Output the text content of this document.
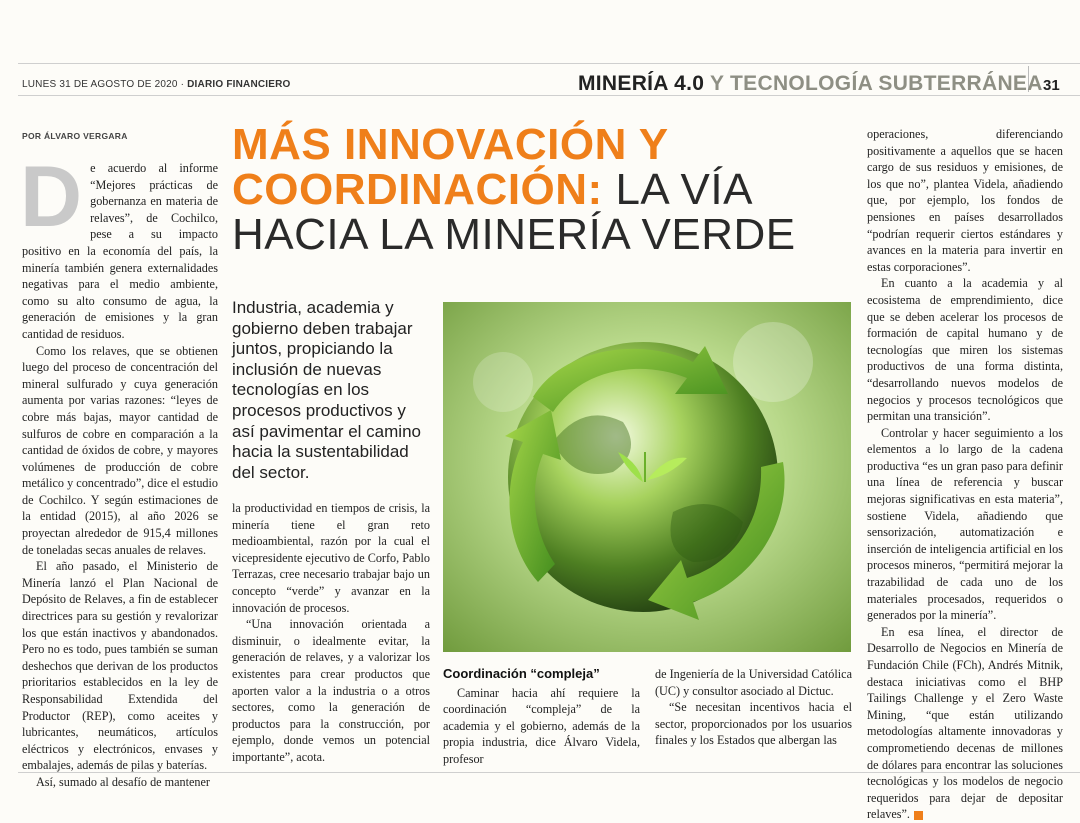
LUNES 31 DE AGOSTO DE 2020 · DIARIO FINANCIERO	MINERÍA 4.0 Y TECNOLOGÍA SUBTERRÁNEA 31
POR ÁLVARO VERGARA
D e acuerdo al informe “Mejores prácticas de gobernanza en materia de relaves”, de Cochilco, pese a su impacto positivo en la economía del país, la minería también genera externalidades negativas para el medio ambiente, como su alto consumo de agua, la generación de emisiones y la gran cantidad de residuos.

Como los relaves, que se obtienen luego del proceso de concentración del mineral sulfurado y cuya generación aumenta por varias razones: “leyes de cobre más bajas, mayor cantidad de sulfuros de cobre en comparación a la cantidad de óxidos de cobre, y mayores volúmenes de producción de cobre metálico y concentrado”, dice el estudio de Cochilco. Y según estimaciones de la entidad (2015), al año 2026 se proyectan alrededor de 915,4 millones de toneladas secas anuales de relaves.

El año pasado, el Ministerio de Minería lanzó el Plan Nacional de Depósito de Relaves, a fin de establecer directrices para su gestión y revalorizar los que están inactivos y abandonados. Pero no es todo, pues también se suman deshechos que derivan de los productos prioritarios establecidos en la ley de Responsabilidad Extendida del Productor (REP), como aceites y lubricantes, neumáticos, artículos eléctricos y electrónicos, envases y embalajes, además de pilas y baterías.

Así, sumado al desafío de mantener

MÁS INNOVACIÓN Y COORDINACIÓN: LA VÍA HACIA LA MINERÍA VERDE
Industria, academia y gobierno deben trabajar juntos, propiciando la inclusión de nuevas tecnologías en los procesos productivos y así pavimentar el camino hacia la sustentabilidad del sector.

la productividad en tiempos de crisis, la minería tiene el gran reto medioambiental, razón por la cual el vicepresidente ejecutivo de Corfo, Pablo Terrazas, cree necesario trabajar bajo un concepto “verde” y avanzar en la innovación de procesos.

“Una innovación orientada a disminuir, o idealmente evitar, la generación de relaves, y a valorizar los existentes para crear productos que aporten valor a la industria o a otros sectores, como la generación de productos para la construcción, por ejemplo, donde vemos un potencial importante”, acota.

Coordinación “compleja”

Caminar hacia ahí requiere la coordinación “compleja” de la academia y el gobierno, además de la propia industria, dice Álvaro Videla, profesor

de Ingeniería de la Universidad Católica (UC) y consultor asociado al Dictuc.

“Se necesitan incentivos hacia el sector, proporcionados por los usuarios finales y los Estados que albergan las

operaciones, diferenciando positivamente a aquellos que se hacen cargo de sus residuos y emisiones, de los que no”, plantea Videla, añadiendo que, por ejemplo, los fondos de pensiones en países desarrollados “podrían requerir ciertos estándares y avances en la materia para invertir en estas corporaciones”.

En cuanto a la academia y al ecosistema de emprendimiento, dice que se deben acelerar los procesos de formación de capital humano y de tecnologías que miren los sistemas productivos de una forma distinta, “desarrollando nuevos modelos de negocios y procesos tecnológicos que permitan una transición”.

Controlar y hacer seguimiento a los elementos a lo largo de la cadena productiva “es un gran paso para definir una línea de referencia y buscar mejoras significativas en esta materia”, sostiene Videla, añadiendo que sensorización, automatización e inserción de inteligencia artificial en los procesos mineros, “permitirá mejorar la trazabilidad de cada uno de los materiales procesados, requeridos o generados por la minería”.

En esa línea, el director de Desarrollo de Negocios en Minería de Fundación Chile (FCh), Andrés Mitnik, destaca iniciativas como el BHP Tailings Challenge y el Zero Waste Mining, “que están utilizando metodologías altamente innovadoras y comprometiendo decenas de millones de dólares para encontrar las soluciones tecnológicas y los modelos de negocio requeridos para dejar de depositar relaves”.
